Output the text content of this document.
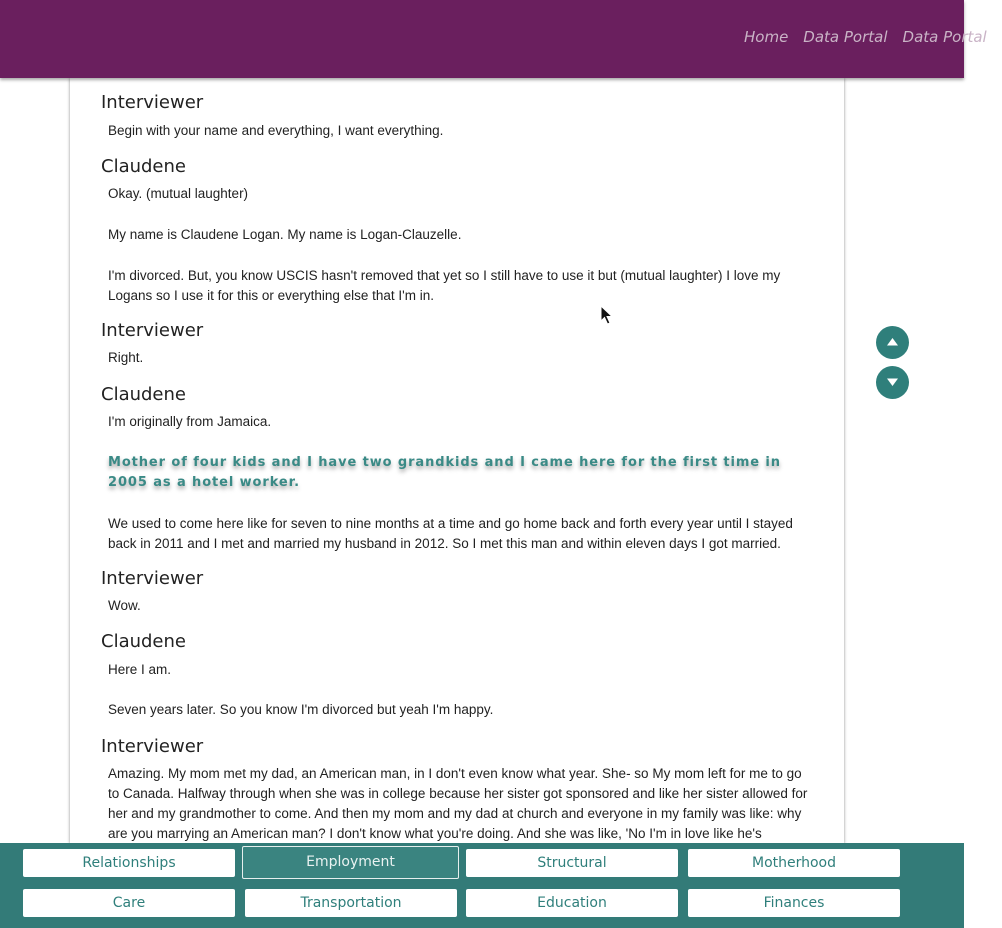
Home Data Portal Data Portal
Interviewer
Begin with your name and everything, I want everything.
Claudene
Okay. (mutual laughter)
My name is Claudene Logan. My name is Logan-Clauzelle.
I'm divorced. But, you know USCIS hasn't removed that yet so I still have to use it but (mutual laughter) I love my Logans so I use it for this or everything else that I'm in.
Interviewer
Right.
Claudene
I'm originally from Jamaica.
Mother of four kids and I have two grandkids and I came here for the first time in 2005 as a hotel worker.
We used to come here like for seven to nine months at a time and go home back and forth every year until I stayed back in 2011 and I met and married my husband in 2012. So I met this man and within eleven days I got married.
Interviewer
Wow.
Claudene
Here I am.
Seven years later. So you know I'm divorced but yeah I'm happy.
Interviewer
Amazing. My mom met my dad, an American man, in I don't even know what year. She- so My mom left for me to go to Canada. Halfway through when she was in college because her sister got sponsored and like her sister allowed for her and my grandmother to come. And then my mom and my dad at church and everyone in my family was like: why are you marrying an American man? I don't know what you're doing. And she was like, 'No I'm in love like he's
Relationships	Employment	Structural	Motherhood
Care	Transportation	Education	Finances
